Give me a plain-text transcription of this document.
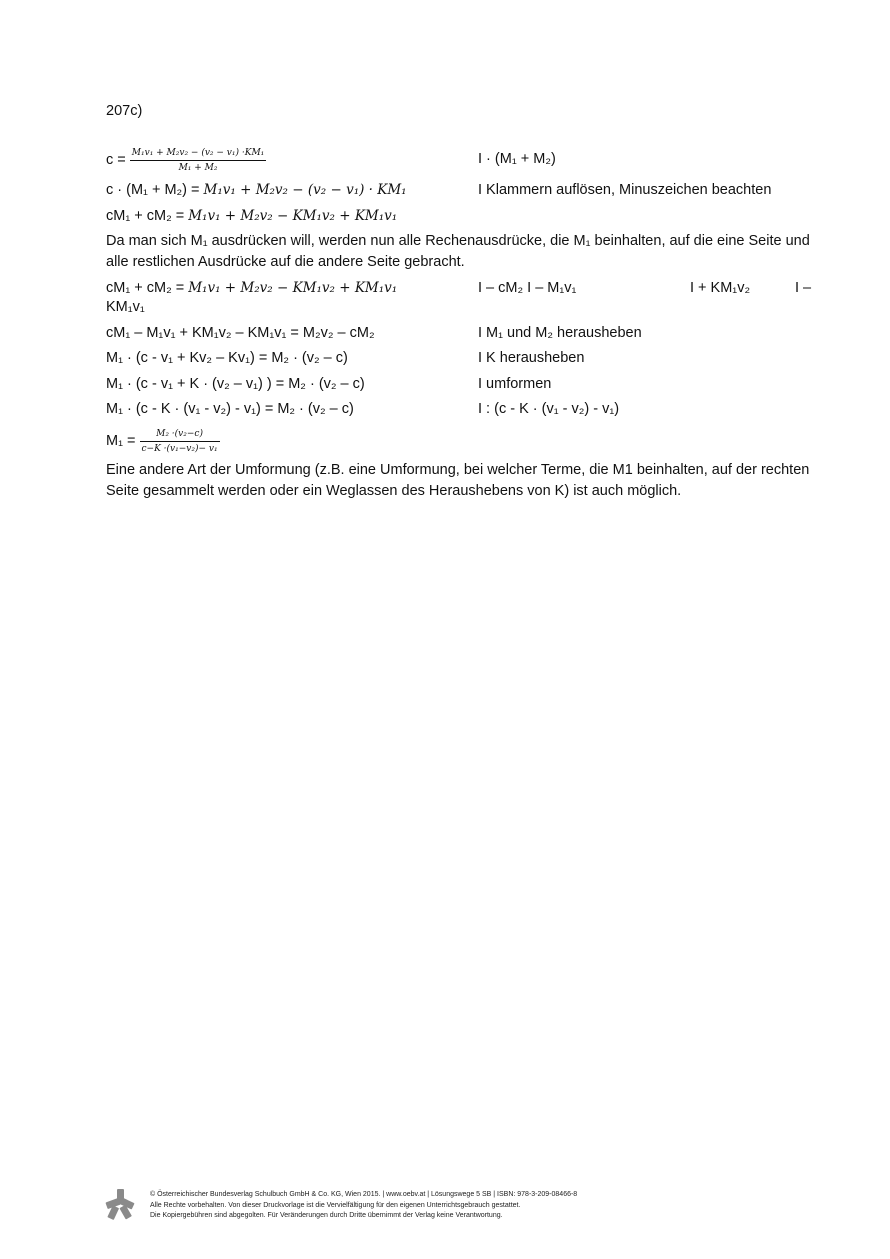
207c)
$c = \frac{\text{M₁v₁ + M₂v₂ − (v₂ − v₁) ·KM₁}}{\text{M₁ + M₂}}$	I · (M₁ + M₂)
c · (M₁ + M₂) = M₁v₁ + M₂v₂ − (v₂ − v₁) · KM₁	I Klammern auflösen, Minuszeichen beachten
cM₁ + cM₂ = M₁v₁ + M₂v₂ − KM₁v₂ + KM₁v₁
Da man sich M₁ ausdrücken will, werden nun alle Rechenausdrücke, die M₁ beinhalten, auf die eine Seite und alle restlichen Ausdrücke auf die andere Seite gebracht.
cM₁ + cM₂ = M₁v₁ + M₂v₂ − KM₁v₂ + KM₁v₁	I – cM₂ I – M₁v₁	I + KM₁v₂	I –
KM₁v₁
cM₁ – M₁v₁ + KM₁v₂ – KM₁v₁ = M₂v₂ – cM₂	I M₁ und M₂ herausheben
M₁ · (c - v₁ + Kv₂ – Kv₁) = M₂ · (v₂ – c)	I K herausheben
M₁ · (c - v₁ + K · (v₂ – v₁) ) = M₂ · (v₂ – c)	I umformen
M₁ · (c - K · (v₁ - v₂) - v₁) = M₂ · (v₂ – c)	I : (c - K · (v₁ - v₂) - v₁)
$M_1 = \frac{\text{M₂ ·(v₂−c)}}{\text{c−K ·(v₁−v₂)− v₁}}$
Eine andere Art der Umformung (z.B. eine Umformung, bei welcher Terme, die M1 beinhalten, auf der rechten Seite gesammelt werden oder ein Weglassen des Heraushebens von K) ist auch möglich.
© Österreichischer Bundesverlag Schulbuch GmbH & Co. KG, Wien 2015. | www.oebv.at | Lösungswege 5 SB | ISBN: 978-3-209-08466-8
Alle Rechte vorbehalten. Von dieser Druckvorlage ist die Vervielfältigung für den eigenen Unterrichtsgebrauch gestattet.
Die Kopiergebühren sind abgegolten. Für Veränderungen durch Dritte übernimmt der Verlag keine Verantwortung.
